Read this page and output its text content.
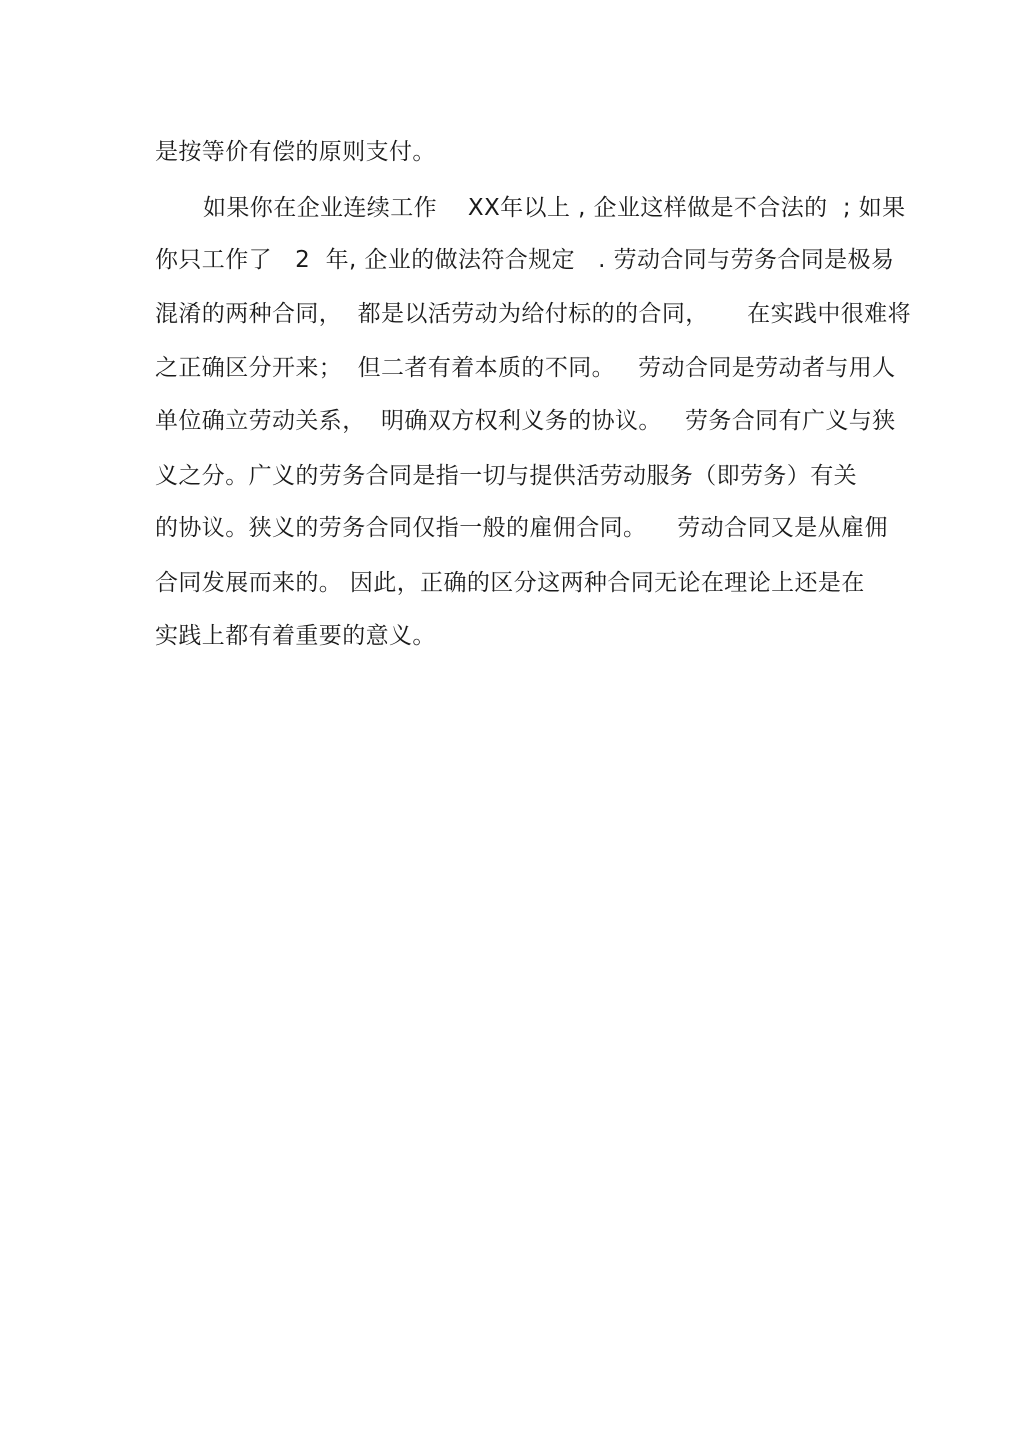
是按等价有偿的原则支付。
如果你在企业连续工作    XX年以上 , 企业这样做是不合法的  ; 如果
你只工作了   2  年, 企业的做法符合规定   . 劳动合同与劳务合同是极易
混淆的两种合同，  都是以活劳动为给付标的的合同，     在实践中很难将
之正确区分开来；  但二者有着本质的不同。   劳动合同是劳动者与用人
单位确立劳动关系，  明确双方权利义务的协议。   劳务合同有广义与狭
义之分。广义的劳务合同是指一切与提供活劳动服务（即劳务）有关
的协议。狭义的劳务合同仅指一般的雇佣合同。    劳动合同又是从雇佣
合同发展而来的。 因此，正确的区分这两种合同无论在理论上还是在
实践上都有着重要的意义。
